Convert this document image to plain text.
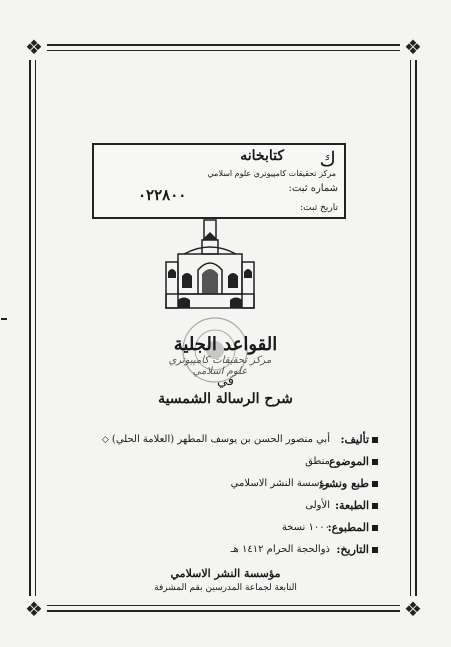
❖	❖
❖	❖
ﻙ
كتابخانه
مركز تحقيقات كامپيوتري علوم اسلامي
شماره ثبت:
٠٢٢٨٠٠
تاريخ ثبت:
القواعد الجلية
مركز تحقيقات كامپيوتري علوم اسلامي
في
شرح الرسالة الشمسية
تأليف:
أبي منصور الحسن بن يوسف المطهر (العلامة الحلي) ◇
الموضوع
منطق
طبع ونشر:
مؤسسة النشر الاسلامي
الطبعة:
الأولى
المطبوع:
١٠٠٠ نسخة
التاريخ:
ذوالحجة الحرام ١٤١٢ هـ
مؤسسة النشر الاسلامي
التابعة لجماعة المدرسين بقم المشرفة
